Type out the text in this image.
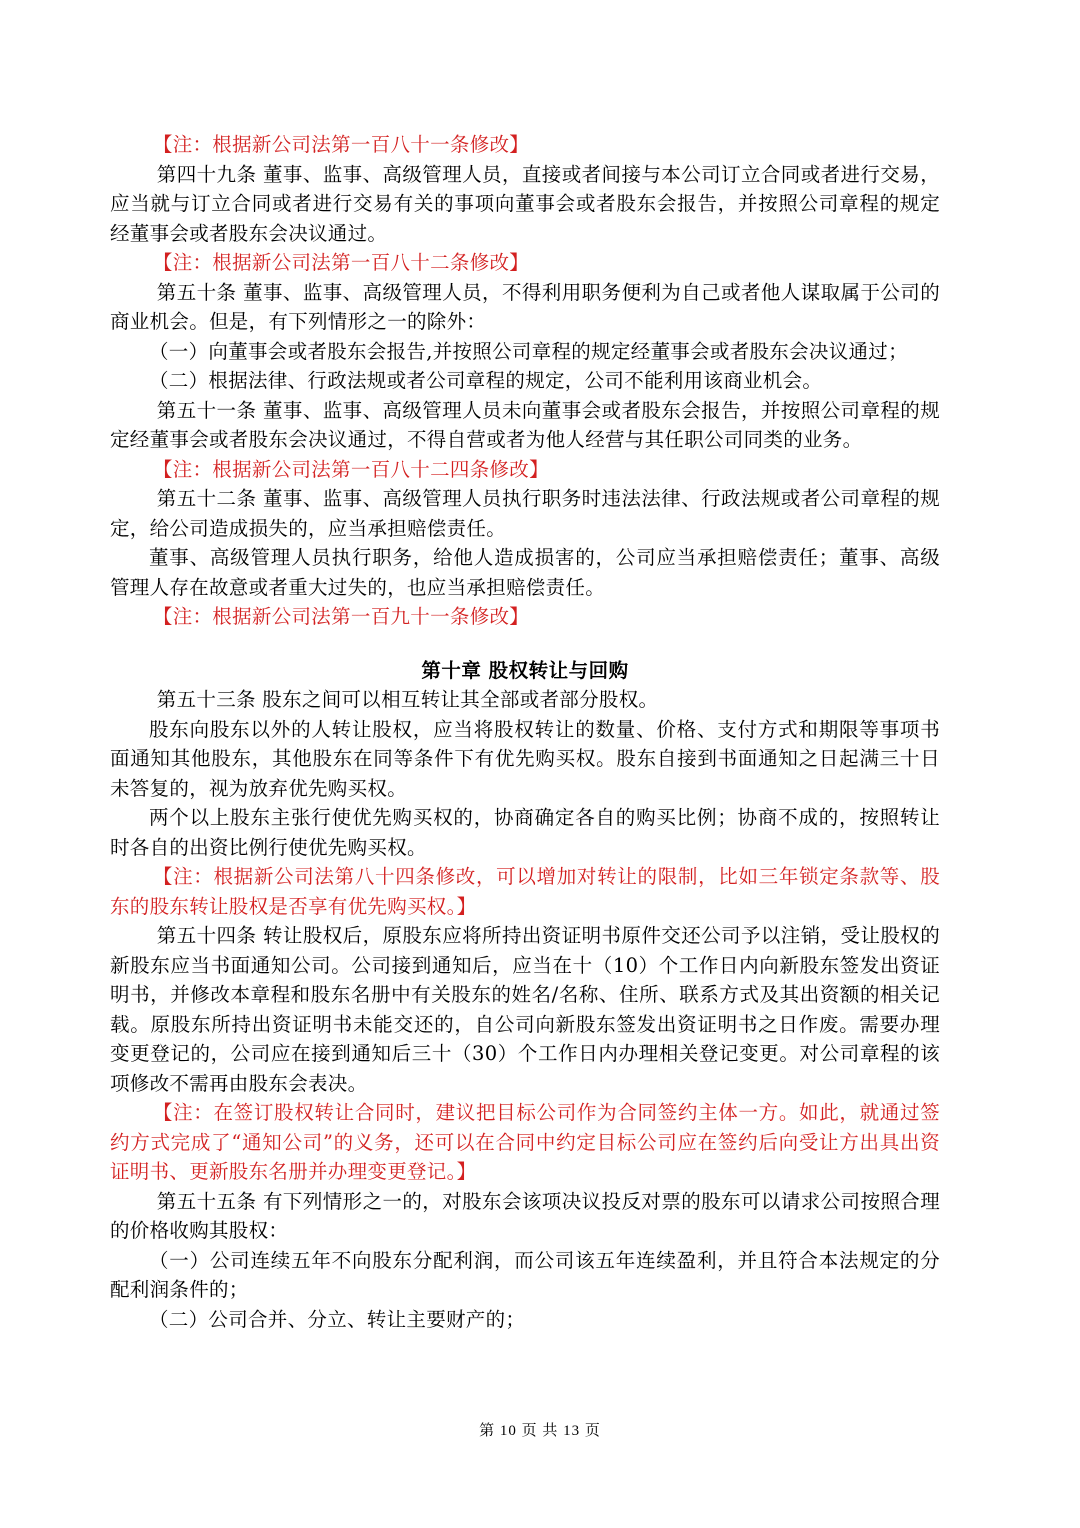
【注：根据新公司法第一百八十一条修改】

第四十九条 董事、监事、高级管理人员，直接或者间接与本公司订立合同或者进行交易，应当就与订立合同或者进行交易有关的事项向董事会或者股东会报告，并按照公司章程的规定经董事会或者股东会决议通过。

【注：根据新公司法第一百八十二条修改】

第五十条 董事、监事、高级管理人员，不得利用职务便利为自己或者他人谋取属于公司的商业机会。但是，有下列情形之一的除外：

（一）向董事会或者股东会报告,并按照公司章程的规定经董事会或者股东会决议通过；

（二）根据法律、行政法规或者公司章程的规定，公司不能利用该商业机会。

第五十一条 董事、监事、高级管理人员未向董事会或者股东会报告，并按照公司章程的规定经董事会或者股东会决议通过，不得自营或者为他人经营与其任职公司同类的业务。

【注：根据新公司法第一百八十二四条修改】

第五十二条 董事、监事、高级管理人员执行职务时违法法律、行政法规或者公司章程的规定，给公司造成损失的，应当承担赔偿责任。

董事、高级管理人员执行职务，给他人造成损害的，公司应当承担赔偿责任；董事、高级管理人存在故意或者重大过失的，也应当承担赔偿责任。

【注：根据新公司法第一百九十一条修改】

第十章 股权转让与回购

第五十三条 股东之间可以相互转让其全部或者部分股权。

股东向股东以外的人转让股权，应当将股权转让的数量、价格、支付方式和期限等事项书面通知其他股东，其他股东在同等条件下有优先购买权。股东自接到书面通知之日起满三十日未答复的，视为放弃优先购买权。

两个以上股东主张行使优先购买权的，协商确定各自的购买比例；协商不成的，按照转让时各自的出资比例行使优先购买权。

【注：根据新公司法第八十四条修改，可以增加对转让的限制，比如三年锁定条款等、股东的股东转让股权是否享有优先购买权。】

第五十四条 转让股权后，原股东应将所持出资证明书原件交还公司予以注销，受让股权的新股东应当书面通知公司。公司接到通知后，应当在十（10）个工作日内向新股东签发出资证明书，并修改本章程和股东名册中有关股东的姓名/名称、住所、联系方式及其出资额的相关记载。原股东所持出资证明书未能交还的，自公司向新股东签发出资证明书之日作废。需要办理变更登记的，公司应在接到通知后三十（30）个工作日内办理相关登记变更。对公司章程的该项修改不需再由股东会表决。

【注：在签订股权转让合同时，建议把目标公司作为合同签约主体一方。如此，就通过签约方式完成了“通知公司”的义务，还可以在合同中约定目标公司应在签约后向受让方出具出资证明书、更新股东名册并办理变更登记。】

第五十五条 有下列情形之一的，对股东会该项决议投反对票的股东可以请求公司按照合理的价格收购其股权：

（一）公司连续五年不向股东分配利润，而公司该五年连续盈利，并且符合本法规定的分配利润条件的；

（二）公司合并、分立、转让主要财产的；

第 10 页 共 13 页
